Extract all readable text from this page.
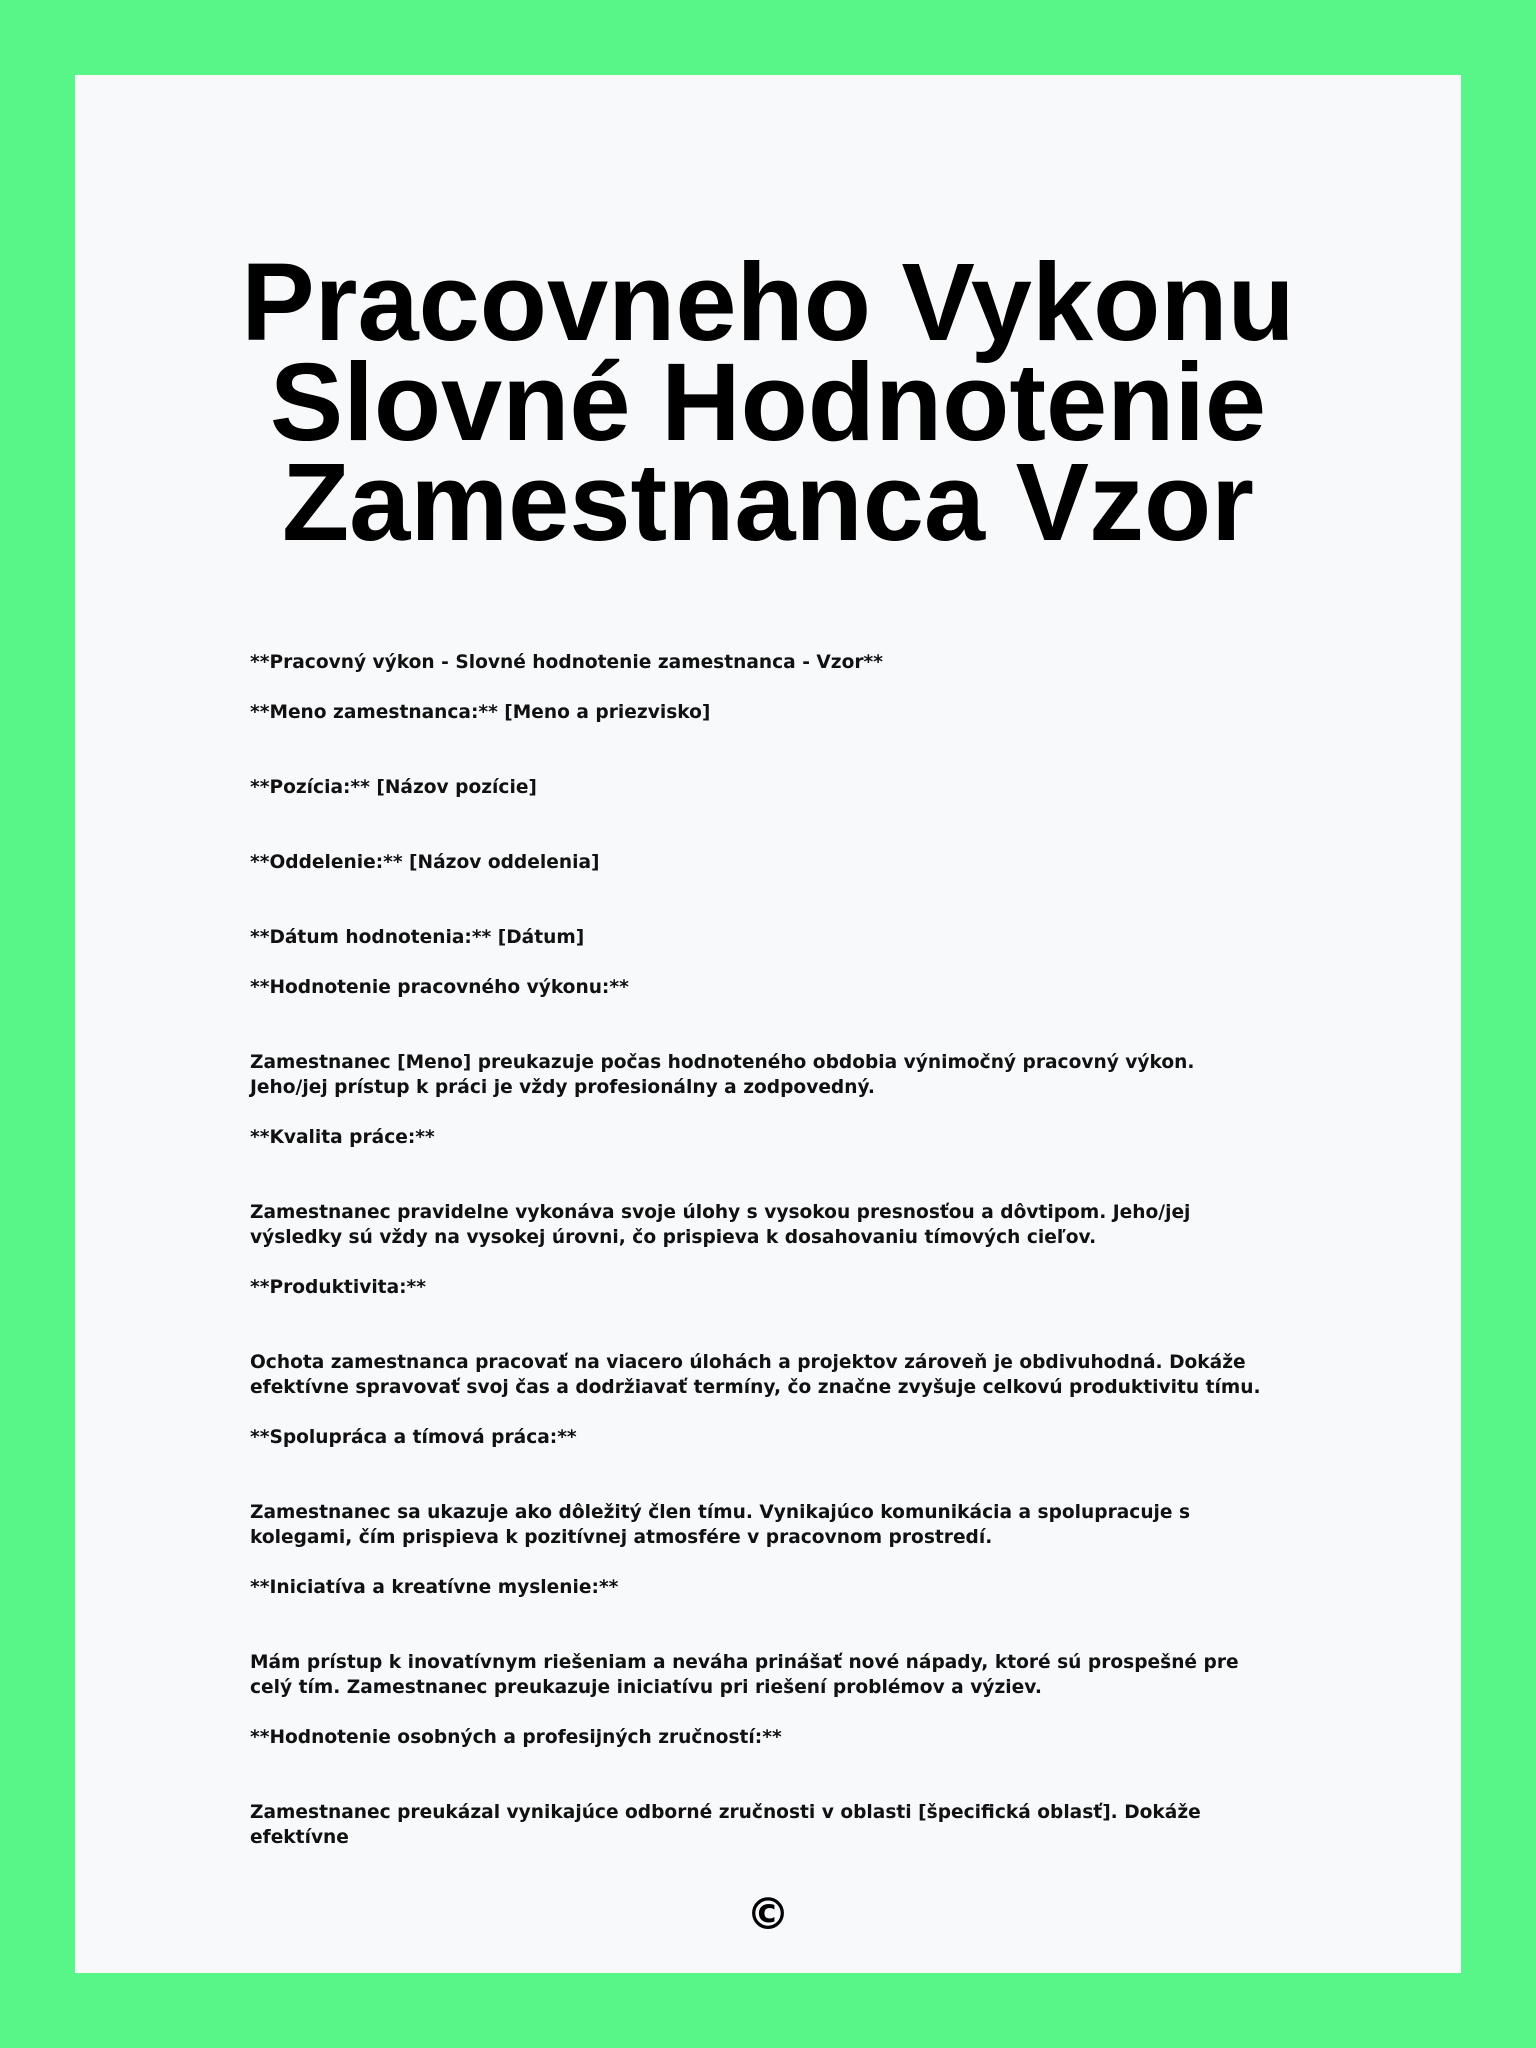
Pracovneho Vykonu Slovné Hodnotenie Zamestnanca Vzor

**Pracovný výkon - Slovné hodnotenie zamestnanca - Vzor**

**Meno zamestnanca:** [Meno a priezvisko]

**Pozícia:** [Názov pozície]

**Oddelenie:** [Názov oddelenia]

**Dátum hodnotenia:** [Dátum]

**Hodnotenie pracovného výkonu:**

Zamestnanec [Meno] preukazuje počas hodnoteného obdobia výnimočný pracovný výkon. Jeho/jej prístup k práci je vždy profesionálny a zodpovedný.

**Kvalita práce:**

Zamestnanec pravidelne vykonáva svoje úlohy s vysokou presnosťou a dôvtipom. Jeho/jej výsledky sú vždy na vysokej úrovni, čo prispieva k dosahovaniu tímových cieľov.

**Produktivita:**

Ochota zamestnanca pracovať na viacero úlohách a projektov zároveň je obdivuhodná. Dokáže efektívne spravovať svoj čas a dodržiavať termíny, čo značne zvyšuje celkovú produktivitu tímu.

**Spolupráca a tímová práca:**

Zamestnanec sa ukazuje ako dôležitý člen tímu. Vynikajúco komunikácia a spolupracuje s kolegami, čím prispieva k pozitívnej atmosfére v pracovnom prostredí.

**Iniciatíva a kreatívne myslenie:**

Mám prístup k inovatívnym riešeniam a neváha prinášať nové nápady, ktoré sú prospešné pre celý tím. Zamestnanec preukazuje iniciatívu pri riešení problémov a výziev.

**Hodnotenie osobných a profesijných zručností:**

Zamestnanec preukázal vynikajúce odborné zručnosti v oblasti [špecifická oblasť]. Dokáže efektívne

©
